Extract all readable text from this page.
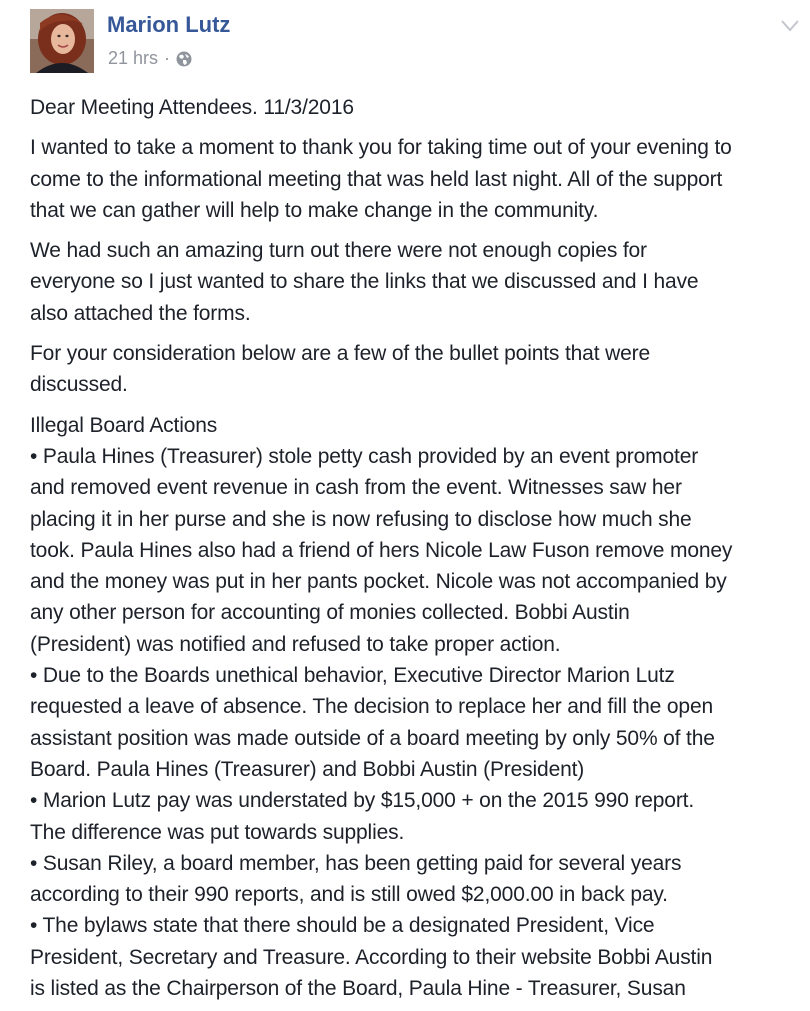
Marion Lutz
21 hrs ·

Dear Meeting Attendees. 11/3/2016

I wanted to take a moment to thank you for taking time out of your evening to
come to the informational meeting that was held last night. All of the support
that we can gather will help to make change in the community.

We had such an amazing turn out there were not enough copies for
everyone so I just wanted to share the links that we discussed and I have
also attached the forms.

For your consideration below are a few of the bullet points that were
discussed.

Illegal Board Actions
• Paula Hines (Treasurer) stole petty cash provided by an event promoter
and removed event revenue in cash from the event. Witnesses saw her
placing it in her purse and she is now refusing to disclose how much she
took. Paula Hines also had a friend of hers Nicole Law Fuson remove money
and the money was put in her pants pocket. Nicole was not accompanied by
any other person for accounting of monies collected. Bobbi Austin
(President) was notified and refused to take proper action.
• Due to the Boards unethical behavior, Executive Director Marion Lutz
requested a leave of absence. The decision to replace her and fill the open
assistant position was made outside of a board meeting by only 50% of the
Board. Paula Hines (Treasurer) and Bobbi Austin (President)
• Marion Lutz pay was understated by $15,000 + on the 2015 990 report.
The difference was put towards supplies.
• Susan Riley, a board member, has been getting paid for several years
according to their 990 reports, and is still owed $2,000.00 in back pay.
• The bylaws state that there should be a designated President, Vice
President, Secretary and Treasure. According to their website Bobbi Austin
is listed as the Chairperson of the Board, Paula Hine - Treasurer, Susan
